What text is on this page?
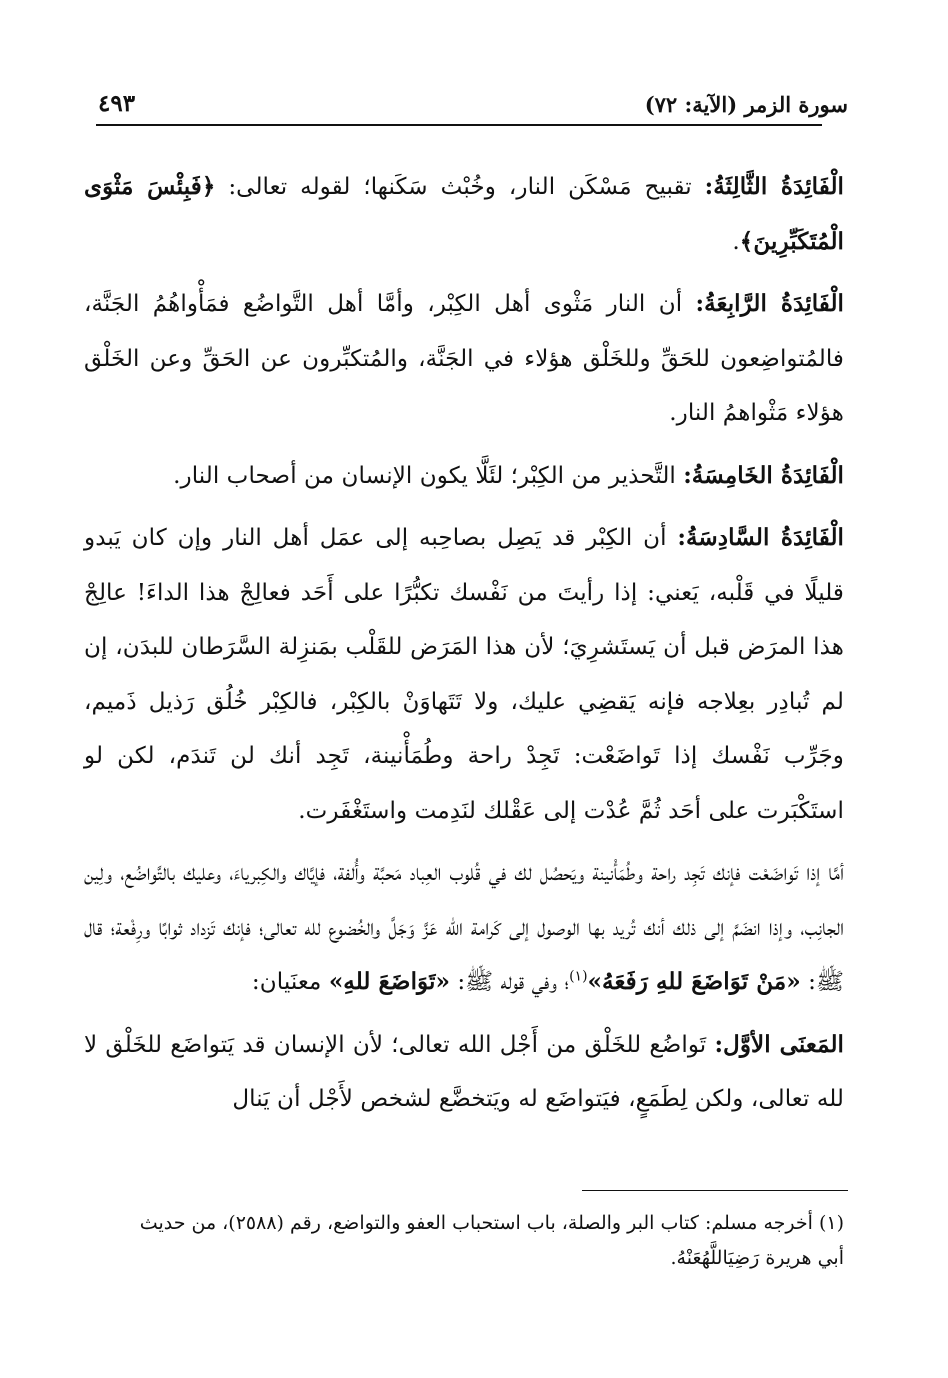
سورة الزمر (الآية: ٧٢)
٤٩٣

الْفَائِدَةُ الثَّالِثَةُ: تقبيح مَسْكَن النار، وخُبْث سَكَنها؛ لقوله تعالى: ﴿فَبِئْسَ مَثْوَى الْمُتَكَبِّرِينَ﴾.

الْفَائِدَةُ الرَّابِعَةُ: أن النار مَثْوى أهل الكِبْر، وأمَّا أهل التَّواضُع فمَأْواهُمُ الجَنَّة، فالمُتواضِعون للحَقِّ وللخَلْق هؤلاء في الجَنَّة، والمُتكبِّرون عن الحَقِّ وعن الخَلْق هؤلاء مَثْواهمُ النار.

الْفَائِدَةُ الخَامِسَةُ: التَّحذير من الكِبْر؛ لئَلَّا يكون الإنسان من أصحاب النار.

الْفَائِدَةُ السَّادِسَةُ: أن الكِبْر قد يَصِل بصاحِبه إلى عمَل أهل النار وإن كان يَبدو قليلًا في قَلْبه، يَعني: إذا رأيتَ من نَفْسك تكبُّرًا على أَحَد فعالِجْ هذا الداءَ! عالِجْ هذا المرَض قبل أن يَستَشرِيَ؛ لأن هذا المَرَض للقَلْب بمَنزِلة السَّرَطان للبدَن، إن لم تُبادِر بعِلاجه فإنه يَقضِي عليك، ولا تَتَهاوَنْ بالكِبْر، فالكِبْر خُلُق رَذيل ذَميم، وجَرِّب نَفْسك إذا تَواضَعْت: تَجِدْ راحة وطُمَأْنينة، تَجِد أنك لن تَندَم، لكن لو استَكْبَرت على أحَد ثُمَّ عُدْت إلى عَقْلك لنَدِمت واستَغْفَرت.

أمَّا إذا تَواضَعْت فإنك تَجِد راحة وطُمَأْنينة ويَحصُل لك في قُلوب العِباد مَحبَّة وأُلفة، فإيَّاك والكِبرياءَ، وعليك بالتَّواضُع، ولِين الجانِب، وإذا انضَمَّ إلى ذلك أنك تُريد بها الوصول إلى كَرامة الله عَزَّ وَجَلَّ والخُضوع لله تعالى؛ فإنك تَزداد ثوابًا ورِفْعة؛ قال ﷺ: «مَنْ تَوَاضَعَ للهِ رَفَعَهُ»$^{(١)}$؛ وفي قوله ﷺ: «تَوَاضَعَ للهِ» معنَيان:

المَعنَى الأوَّل: تَواضُع للخَلْق من أَجْل الله تعالى؛ لأن الإنسان قد يَتواضَع للخَلْق لا لله تعالى، ولكن لِطَمَعٍ، فيَتواضَع له ويَتخضَّع لشخص لأَجْل أن يَنال

(١) أخرجه مسلم: كتاب البر والصلة، باب استحباب العفو والتواضع، رقم (٢٥٨٨)، من حديث

أبي هريرة رَضِيَاللَّهُعَنْهُ.
